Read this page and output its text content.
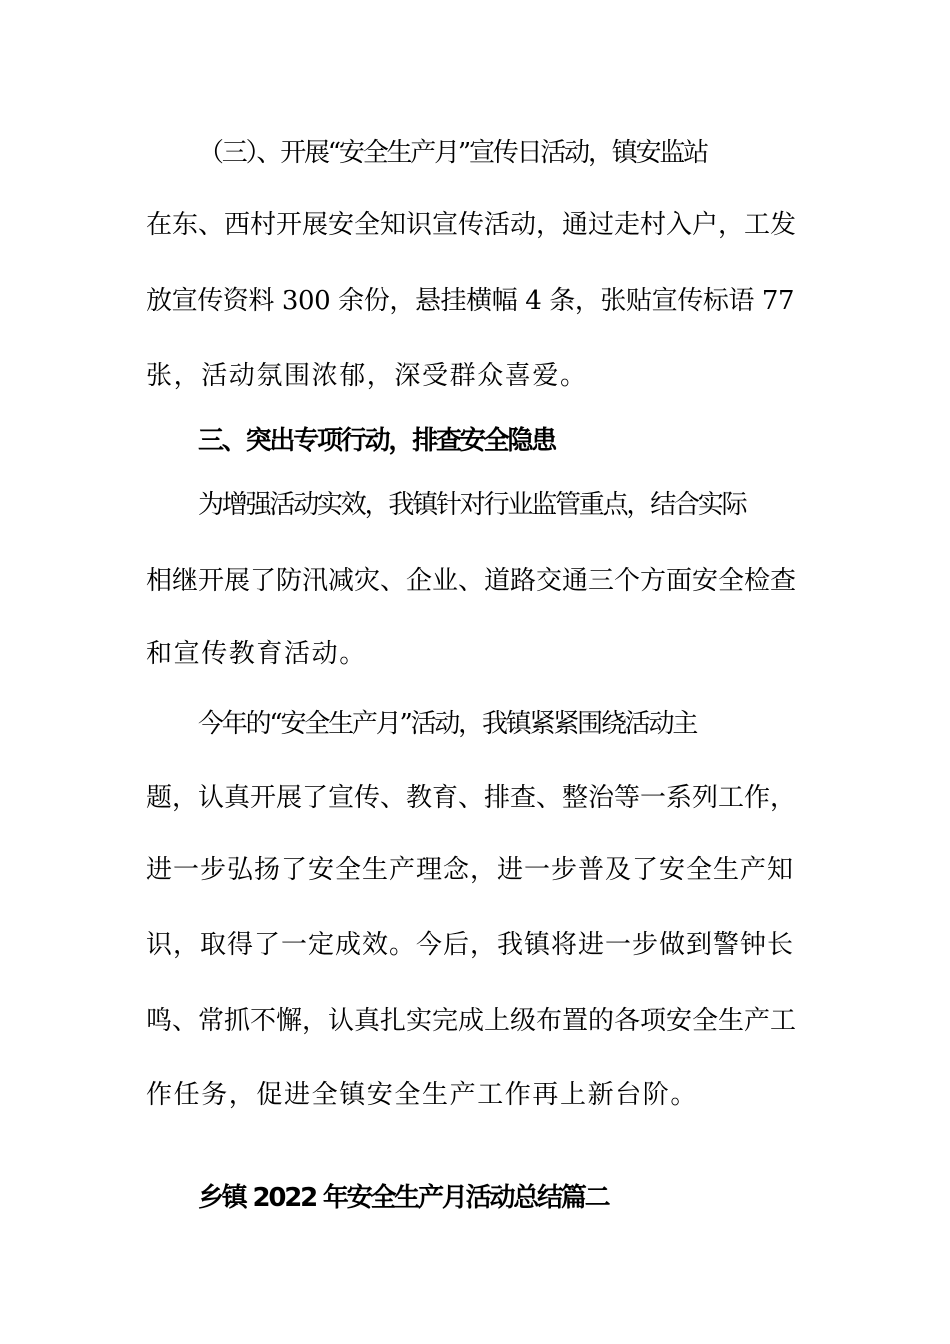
（三）、开展“安全生产月”宣传日活动，镇安监站
在东、西村开展安全知识宣传活动，通过走村入户，工发
放宣传资料 300 余份，悬挂横幅 4 条，张贴宣传标语 77
张，活动氛围浓郁，深受群众喜爱。
三、突出专项行动，排查安全隐患
为增强活动实效，我镇针对行业监管重点，结合实际
相继开展了防汛减灾、企业、道路交通三个方面安全检查
和宣传教育活动。
今年的“安全生产月”活动，我镇紧紧围绕活动主
题，认真开展了宣传、教育、排查、整治等一系列工作，
进一步弘扬了安全生产理念，进一步普及了安全生产知
识，取得了一定成效。今后，我镇将进一步做到警钟长
鸣、常抓不懈，认真扎实完成上级布置的各项安全生产工
作任务，促进全镇安全生产工作再上新台阶。
乡镇 2022 年安全生产月活动总结篇二
